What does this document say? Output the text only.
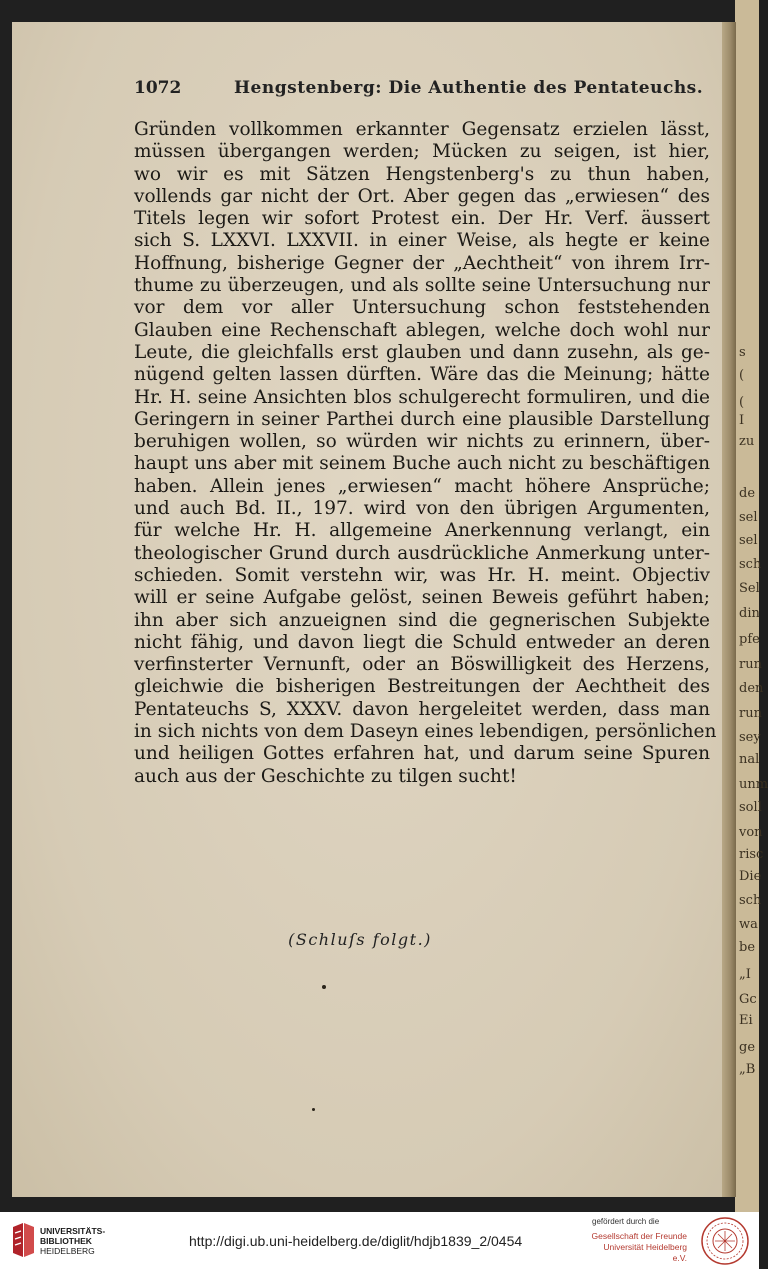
s
(
(
I
zu
de
sel
sel
sch
Sel
din
pfe
run
den
run
sey
nal
unm
soll
von
risc
Die
sch
wa
be
„I
Gc
Ei
ge
„B
1072	Hengstenberg: Die Authentie des Pentateuchs.
Gründen vollkommen erkannter Gegensatz erzielen lässt,
müssen übergangen werden; Mücken zu seigen, ist hier,
wo wir es mit Sätzen Hengstenberg's zu thun haben,
vollends gar nicht der Ort. Aber gegen das „erwiesen“ des
Titels legen wir sofort Protest ein. Der Hr. Verf. äussert
sich S. LXXVI. LXXVII. in einer Weise, als hegte er keine
Hoffnung, bisherige Gegner der „Aechtheit“ von ihrem Irr-
thume zu überzeugen, und als sollte seine Untersuchung nur
vor dem vor aller Untersuchung schon feststehenden
Glauben eine Rechenschaft ablegen, welche doch wohl nur
Leute, die gleichfalls erst glauben und dann zusehn, als ge-
nügend gelten lassen dürften. Wäre das die Meinung; hätte
Hr. H. seine Ansichten blos schulgerecht formuliren, und die
Geringern in seiner Parthei durch eine plausible Darstellung
beruhigen wollen, so würden wir nichts zu erinnern, über-
haupt uns aber mit seinem Buche auch nicht zu beschäftigen
haben. Allein jenes „erwiesen“ macht höhere Ansprüche;
und auch Bd. II., 197. wird von den übrigen Argumenten,
für welche Hr. H. allgemeine Anerkennung verlangt, ein
theologischer Grund durch ausdrückliche Anmerkung unter-
schieden. Somit verstehn wir, was Hr. H. meint. Objectiv
will er seine Aufgabe gelöst, seinen Beweis geführt haben;
ihn aber sich anzueignen sind die gegnerischen Subjekte
nicht fähig, und davon liegt die Schuld entweder an deren
verfinsterter Vernunft, oder an Böswilligkeit des Herzens,
gleichwie die bisherigen Bestreitungen der Aechtheit des
Pentateuchs S, XXXV. davon hergeleitet werden, dass man
in sich nichts von dem Daseyn eines lebendigen, persönlichen
und heiligen Gottes erfahren hat, und darum seine Spuren
auch aus der Geschichte zu tilgen sucht!
(Schluſs folgt.)
UNIVERSITÄTS-
BIBLIOTHEK
HEIDELBERG
http://digi.ub.uni-heidelberg.de/diglit/hdjb1839_2/0454
gefördert durch die
Gesellschaft der Freunde
Universität Heidelberg e.V.
